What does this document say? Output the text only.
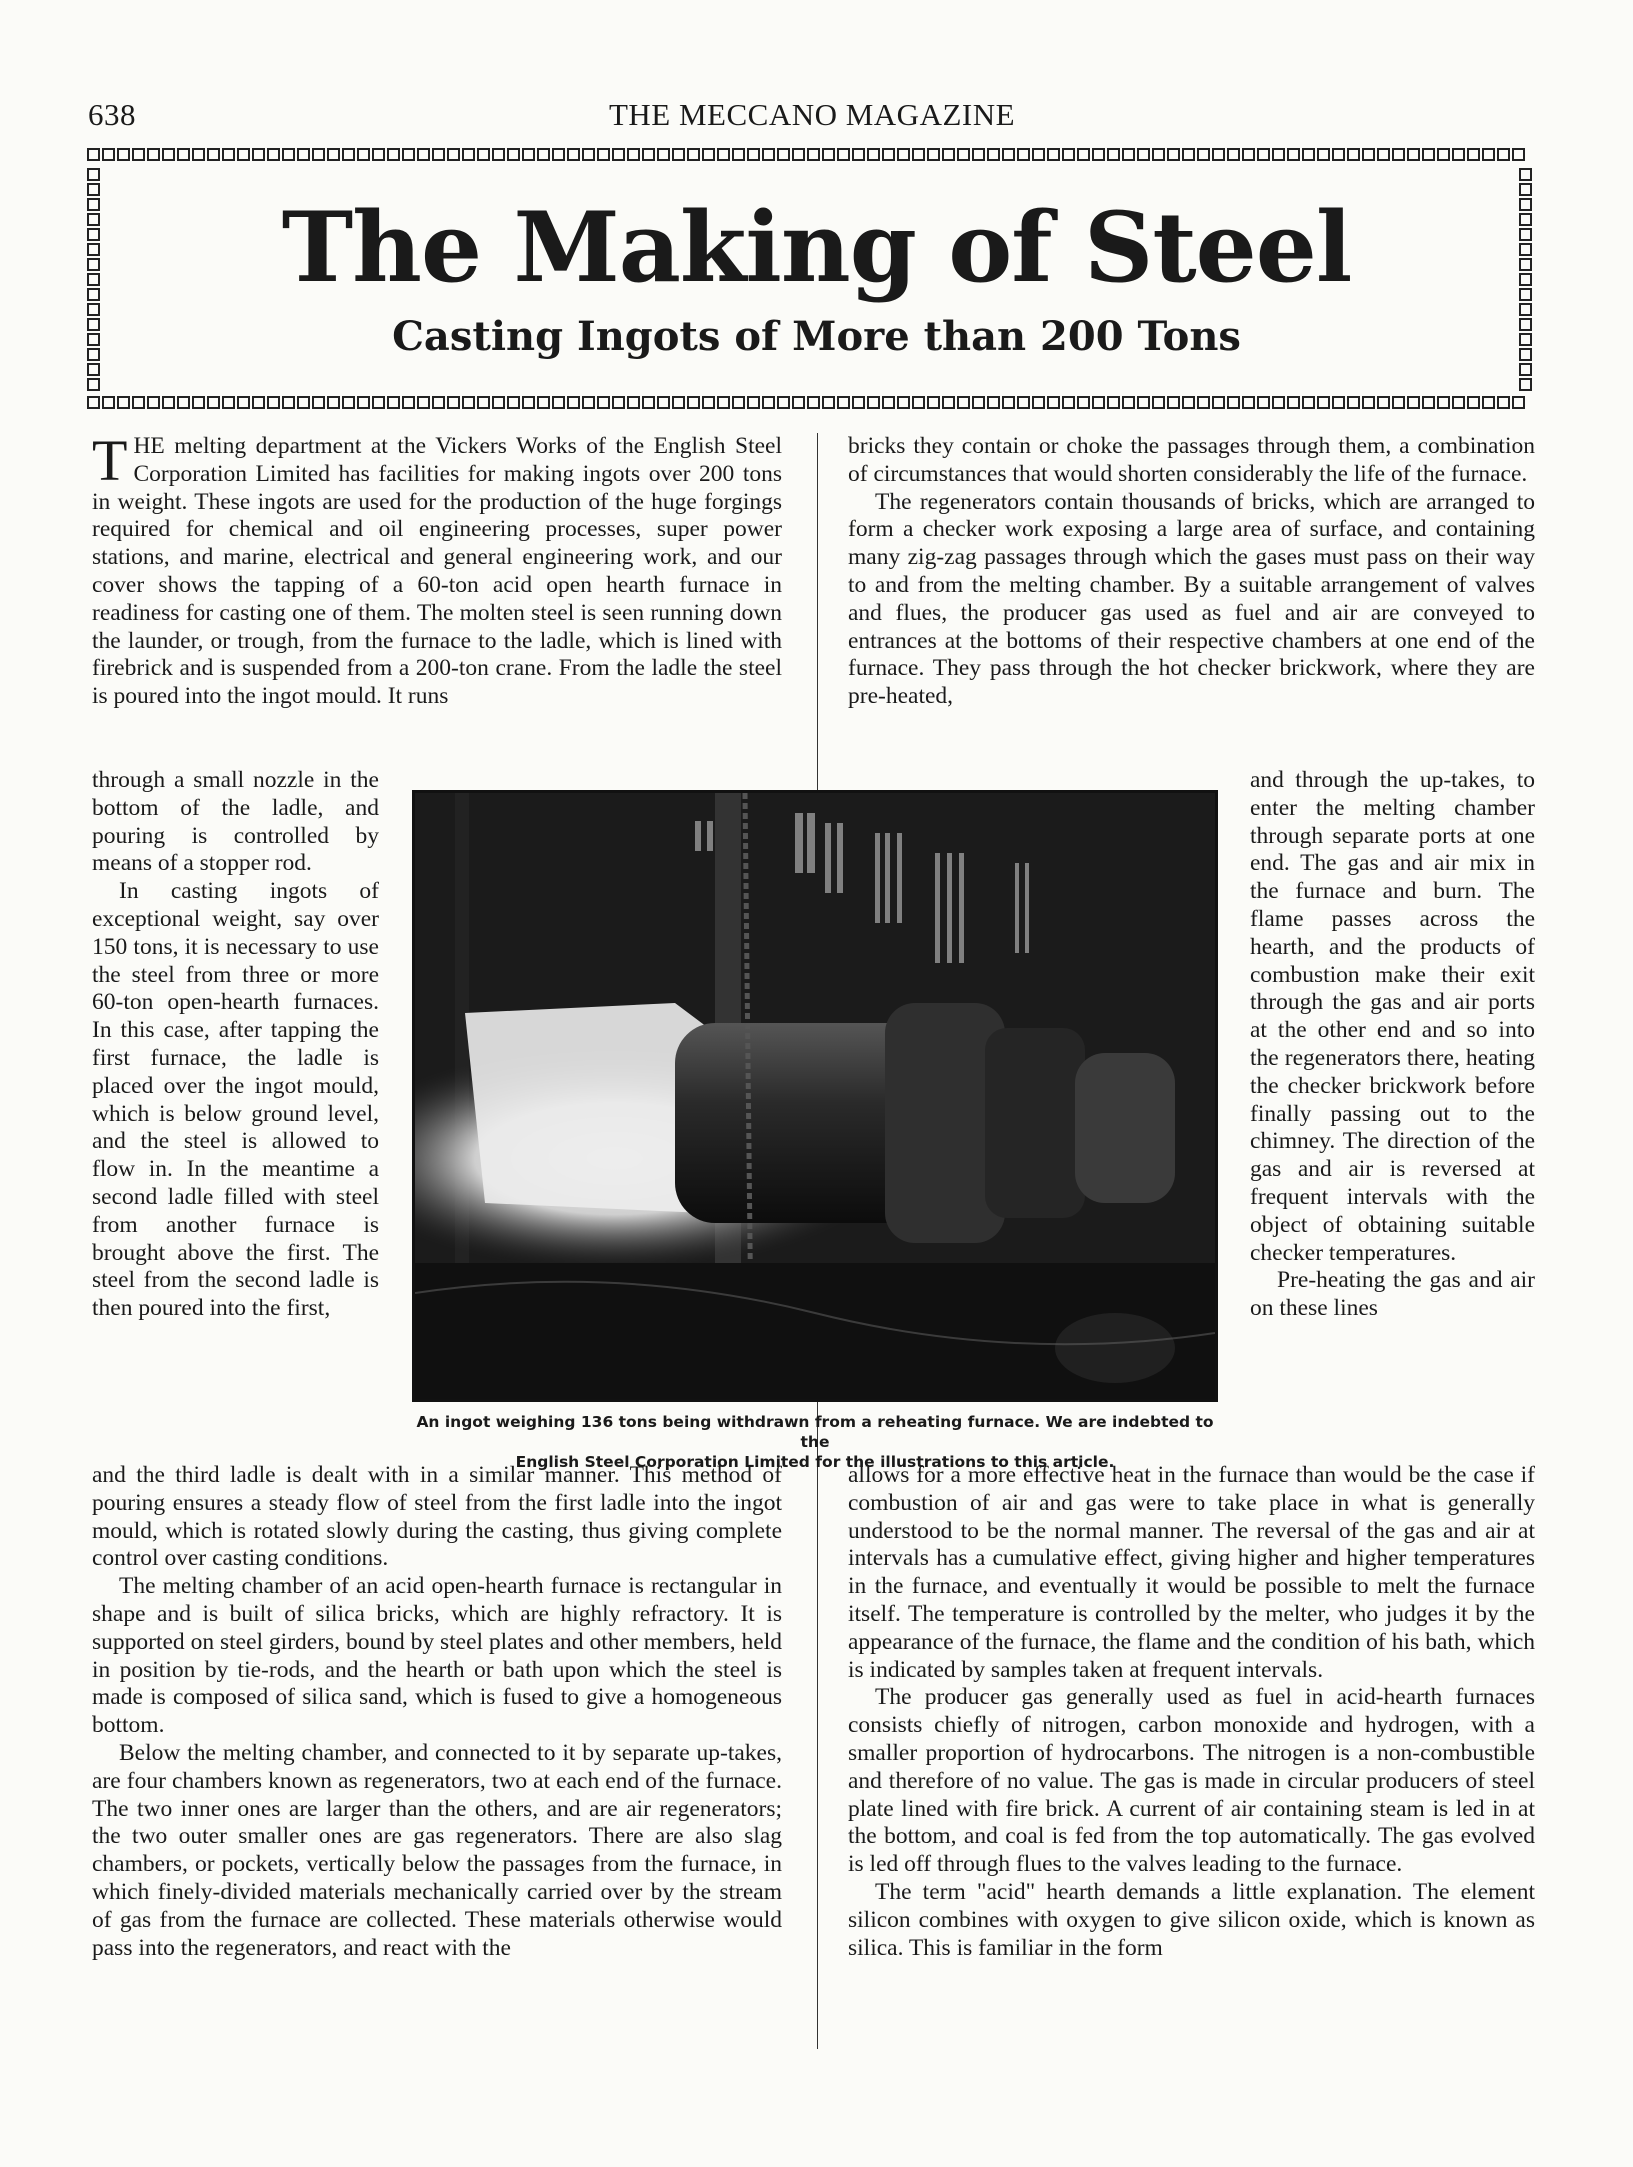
638	THE MECCANO MAGAZINE
The Making of Steel
Casting Ingots of More than 200 Tons

THE melting department at the Vickers Works of the English Steel Corporation Limited has facilities for making ingots over 200 tons in weight. These ingots are used for the production of the huge forgings required for chemical and oil engineering processes, super power stations, and marine, electrical and general engineering work, and our cover shows the tapping of a 60-ton acid open hearth furnace in readiness for casting one of them. The molten steel is seen running down the launder, or trough, from the furnace to the ladle, which is lined with firebrick and is suspended from a 200-ton crane. From the ladle the steel is poured into the ingot mould. It runs

through a small nozzle in the bottom of the ladle, and pouring is controlled by means of a stopper rod.

In casting ingots of exceptional weight, say over 150 tons, it is necessary to use the steel from three or more 60-ton open-hearth furnaces. In this case, after tapping the first furnace, the ladle is placed over the ingot mould, which is below ground level, and the steel is allowed to flow in. In the meantime a second ladle filled with steel from another furnace is brought above the first. The steel from the second ladle is then poured into the first,

and the third ladle is dealt with in a similar manner. This method of pouring ensures a steady flow of steel from the first ladle into the ingot mould, which is rotated slowly during the casting, thus giving complete control over casting conditions.

The melting chamber of an acid open-hearth furnace is rectangular in shape and is built of silica bricks, which are highly refractory. It is supported on steel girders, bound by steel plates and other members, held in position by tie-rods, and the hearth or bath upon which the steel is made is composed of silica sand, which is fused to give a homogeneous bottom.

Below the melting chamber, and connected to it by separate up-takes, are four chambers known as regenerators, two at each end of the furnace. The two inner ones are larger than the others, and are air regenerators; the two outer smaller ones are gas regenerators. There are also slag chambers, or pockets, vertically below the passages from the furnace, in which finely-divided materials mechanically carried over by the stream of gas from the furnace are collected. These materials otherwise would pass into the regenerators, and react with the

bricks they contain or choke the passages through them, a combination of circumstances that would shorten considerably the life of the furnace.

The regenerators contain thousands of bricks, which are arranged to form a checker work exposing a large area of surface, and containing many zig-zag passages through which the gases must pass on their way to and from the melting chamber. By a suitable arrangement of valves and flues, the producer gas used as fuel and air are conveyed to entrances at the bottoms of their respective chambers at one end of the furnace. They pass through the hot checker brickwork, where they are pre-heated,

and through the up-takes, to enter the melting chamber through separate ports at one end. The gas and air mix in the furnace and burn. The flame passes across the hearth, and the products of combustion make their exit through the gas and air ports at the other end and so into the regenerators there, heating the checker brickwork before finally passing out to the chimney. The direction of the gas and air is reversed at frequent intervals with the object of obtaining suitable checker temperatures.

Pre-heating the gas and air on these lines

allows for a more effective heat in the furnace than would be the case if combustion of air and gas were to take place in what is generally understood to be the normal manner. The reversal of the gas and air at intervals has a cumulative effect, giving higher and higher temperatures in the furnace, and eventually it would be possible to melt the furnace itself. The temperature is controlled by the melter, who judges it by the appearance of the furnace, the flame and the condition of his bath, which is indicated by samples taken at frequent intervals.

The producer gas generally used as fuel in acid-hearth furnaces consists chiefly of nitrogen, carbon monoxide and hydrogen, with a smaller proportion of hydrocarbons. The nitrogen is a non-combustible and therefore of no value. The gas is made in circular producers of steel plate lined with fire brick. A current of air containing steam is led in at the bottom, and coal is fed from the top automatically. The gas evolved is led off through flues to the valves leading to the furnace.

The term "acid" hearth demands a little explanation. The element silicon combines with oxygen to give silicon oxide, which is known as silica. This is familiar in the form

An ingot weighing 136 tons being withdrawn from a reheating furnace. We are indebted to the
English Steel Corporation Limited for the illustrations to this article.
